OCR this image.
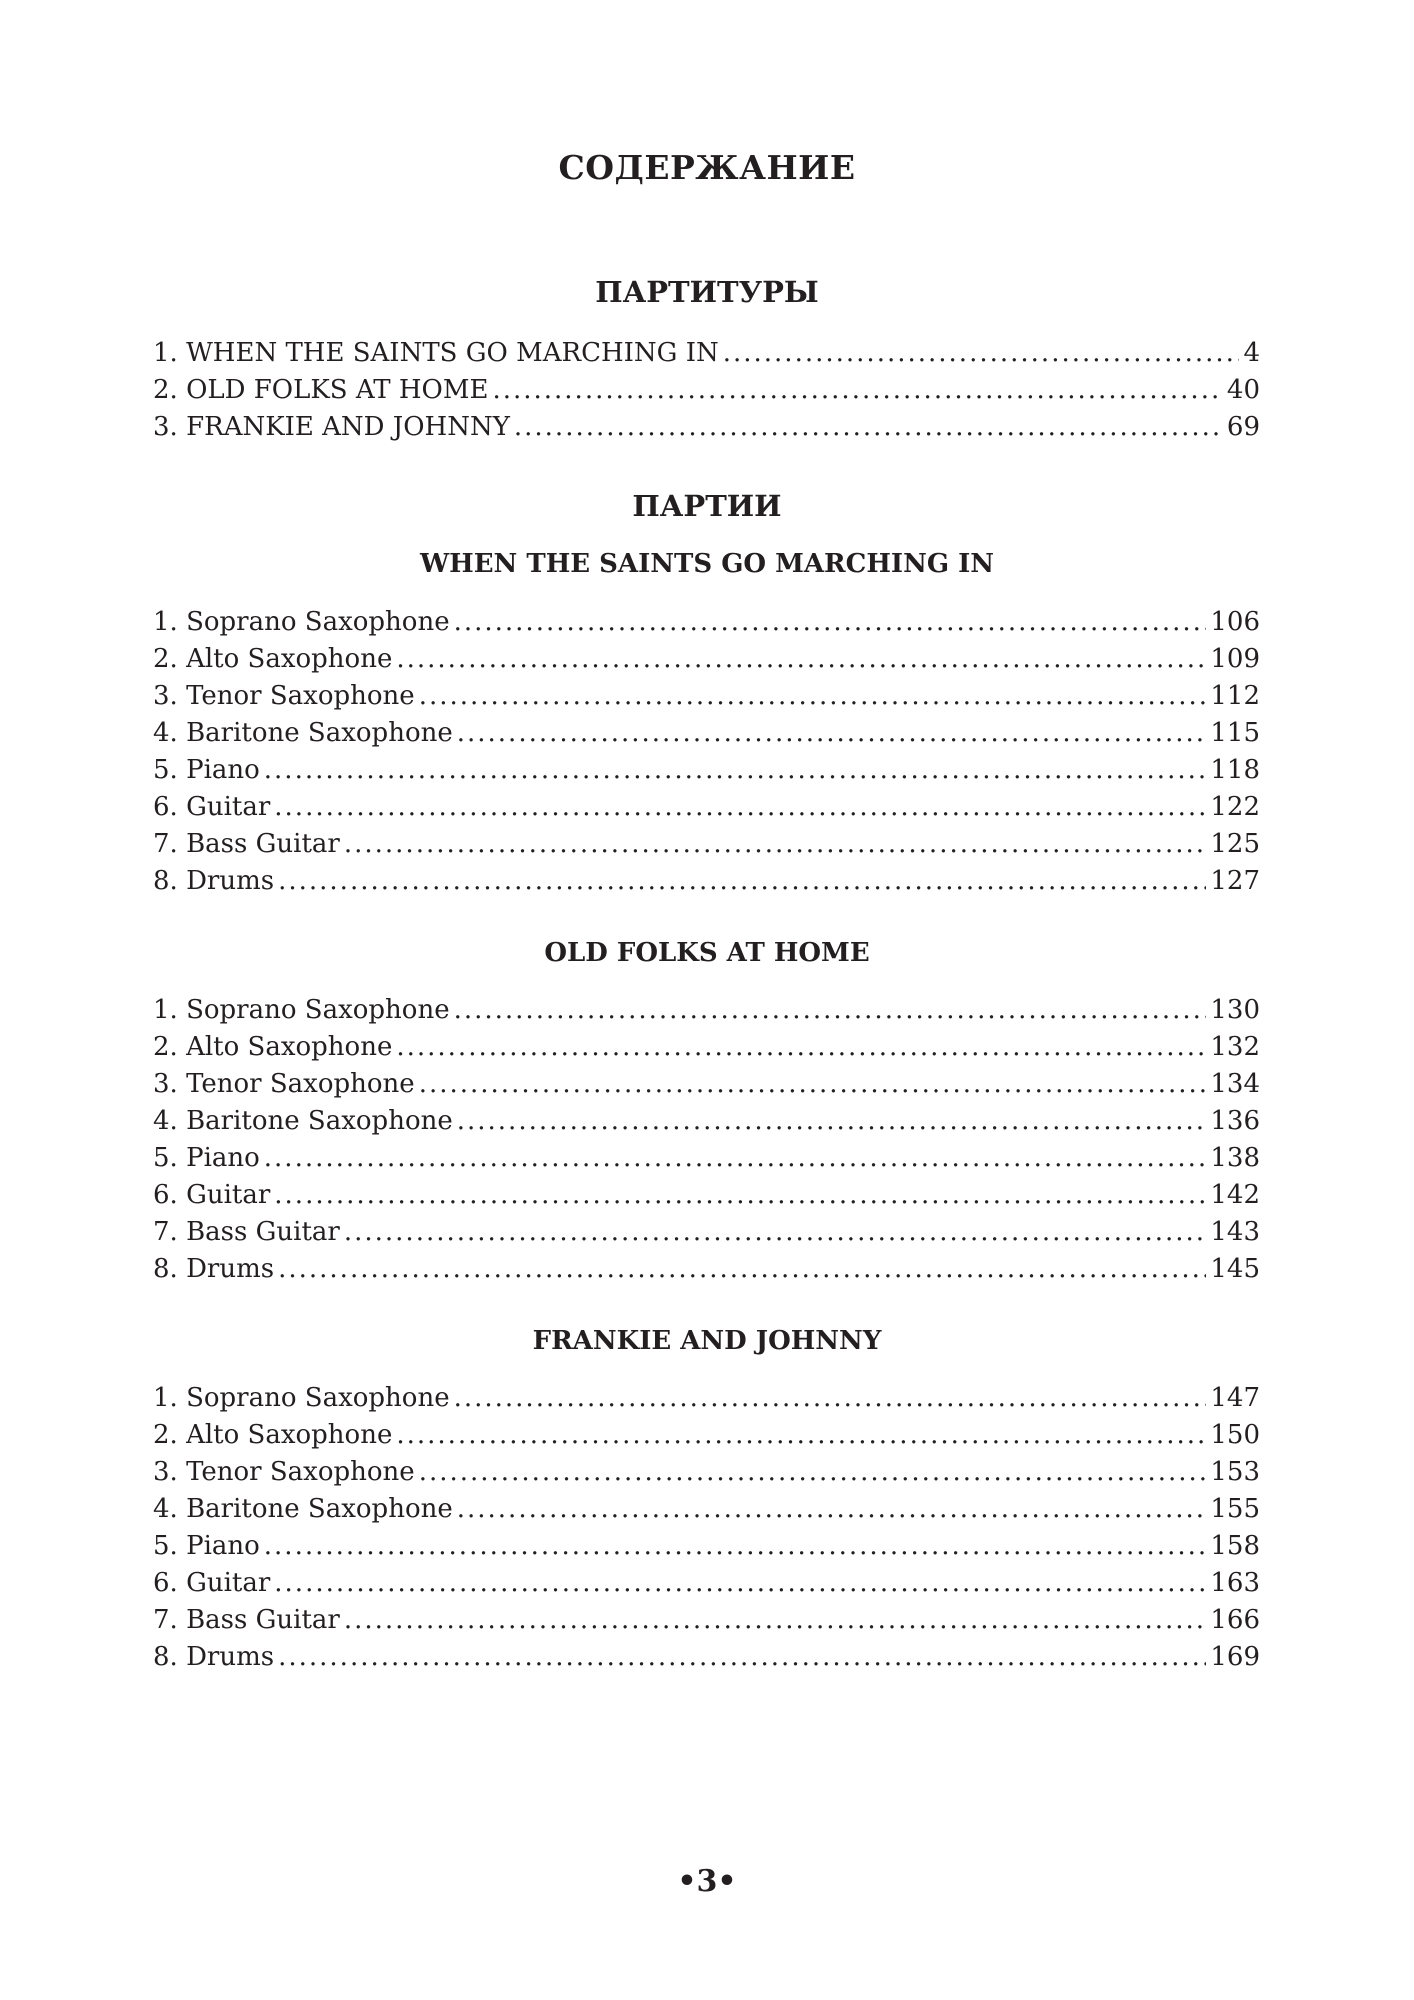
СОДЕРЖАНИЕ
ПАРТИТУРЫ
1. WHEN THE SAINTS GO MARCHING IN .....	4
2. OLD FOLKS AT HOME .....	40
3. FRANKIE AND JOHNNY .....	69
ПАРТИИ
WHEN THE SAINTS GO MARCHING IN
1. Soprano Saxophone .....	106
2. Alto Saxophone .....	109
3. Tenor Saxophone .....	112
4. Baritone Saxophone .....	115
5. Piano .....	118
6. Guitar .....	122
7. Bass Guitar .....	125
8. Drums .....	127
OLD FOLKS AT HOME
1. Soprano Saxophone .....	130
2. Alto Saxophone .....	132
3. Tenor Saxophone .....	134
4. Baritone Saxophone .....	136
5. Piano .....	138
6. Guitar .....	142
7. Bass Guitar .....	143
8. Drums .....	145
FRANKIE AND JOHNNY
1. Soprano Saxophone .....	147
2. Alto Saxophone .....	150
3. Tenor Saxophone .....	153
4. Baritone Saxophone .....	155
5. Piano .....	158
6. Guitar .....	163
7. Bass Guitar .....	166
8. Drums .....	169
•3•
